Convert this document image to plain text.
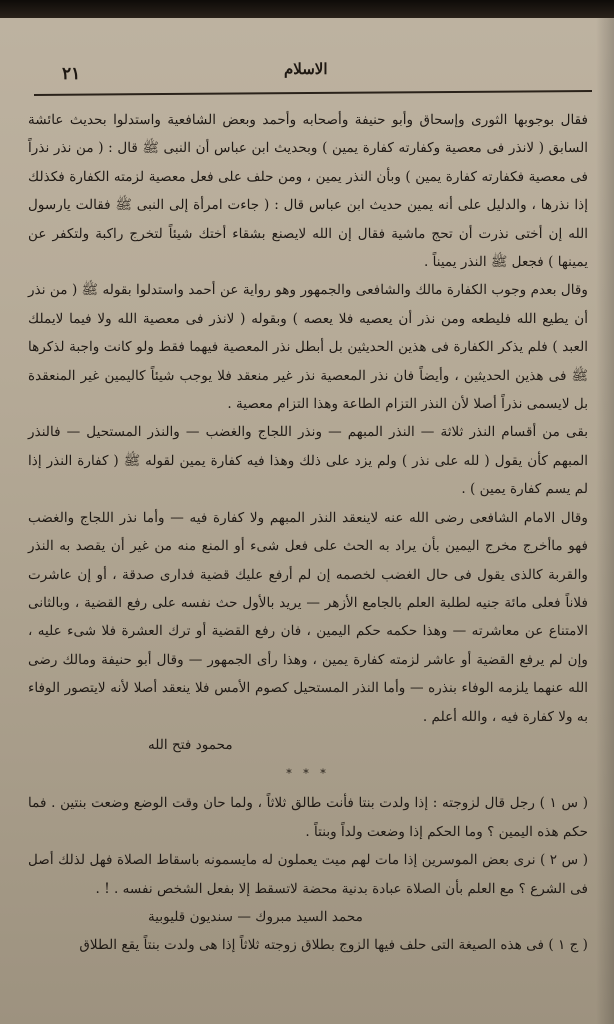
٢١	الاسلام

فقال بوجوبها الثورى وإسحاق وأبو حنيفة وأصحابه وأحمد وبعض الشافعية واستدلوا بحديث عائشة السابق ( لانذر فى معصية وكفارته كفارة يمين ) وبحديث ابن عباس أن النبى ﷺ قال : ( من نذر نذراً فى معصية فكفارته كفارة يمين ) وبأن النذر يمين ، ومن حلف على فعل معصية لزمته الكفارة فكذلك إذا نذرها ، والدليل على أنه يمين حديث ابن عباس قال : ( جاءت امرأة إلى النبى ﷺ فقالت يارسول الله إن أختى نذرت أن تحج ماشية فقال إن الله لايصنع بشقاء أختك شيئاً لتخرج راكبة ولتكفر عن يمينها ) فجعل ﷺ النذر يميناً .

وقال بعدم وجوب الكفارة مالك والشافعى والجمهور وهو رواية عن أحمد واستدلوا بقوله ﷺ ( من نذر أن يطيع الله فليطعه ومن نذر أن يعصيه فلا يعصه ) وبقوله ( لانذر فى معصية الله ولا فيما لايملك العبد ) فلم يذكر الكفارة فى هذين الحديثين بل أبطل نذر المعصية فيهما فقط ولو كانت واجبة لذكرها ﷺ فى هذين الحديثين ، وأيضاً فان نذر المعصية نذر غير منعقد فلا يوجب شيئاً كاليمين غير المنعقدة بل لايسمى نذراً أصلا لأن النذر التزام الطاعة وهذا التزام معصية .

بقى من أقسام النذر ثلاثة — النذر المبهم — ونذر اللجاج والغضب — والنذر المستحيل — فالنذر المبهم كأن يقول ( لله على نذر ) ولم يزد على ذلك وهذا فيه كفارة يمين لقوله ﷺ ( كفارة النذر إذا لم يسم كفارة يمين ) .

وقال الامام الشافعى رضى الله عنه لاينعقد النذر المبهم ولا كفارة فيه — وأما نذر اللجاج والغضب فهو ماأخرج مخرج اليمين بأن يراد به الحث على فعل شىء أو المنع منه من غير أن يقصد به النذر والقربة كالذى يقول فى حال الغضب لخصمه إن لم أرفع عليك قضية فدارى صدقة ، أو إن عاشرت فلاناً فعلى مائة جنيه لطلبة العلم بالجامع الأزهر — يريد بالأول حث نفسه على رفع القضية ، وبالثانى الامتناع عن معاشرته — وهذا حكمه حكم اليمين ، فان رفع القضية أو ترك العشرة فلا شىء عليه ، وإن لم يرفع القضية أو عاشر لزمته كفارة يمين ، وهذا رأى الجمهور — وقال أبو حنيفة ومالك رضى الله عنهما يلزمه الوفاء بنذره — وأما النذر المستحيل كصوم الأمس فلا ينعقد أصلا لأنه لايتصور الوفاء به ولا كفارة فيه ، والله أعلم .

محمود فتح الله

* * *

( س ١ ) رجل قال لزوجته : إذا ولدت بنتا فأنت طالق ثلاثاً ، ولما حان وقت الوضع وضعت بنتين . فما حكم هذه اليمين ؟ وما الحكم إذا وضعت ولداً وبنتاً .

( س ٢ ) نرى بعض الموسرين إذا مات لهم ميت يعملون له مايسمونه باسقاط الصلاة فهل لذلك أصل فى الشرع ؟ مع العلم بأن الصلاة عبادة بدنية محضة لاتسقط إلا بفعل الشخص نفسه . ! .

محمد السيد مبروك — سنديون قليوبية

( ج ١ ) فى هذه الصيغة التى حلف فيها الزوج بطلاق زوجته ثلاثاً إذا هى ولدت بنتاً يقع الطلاق
